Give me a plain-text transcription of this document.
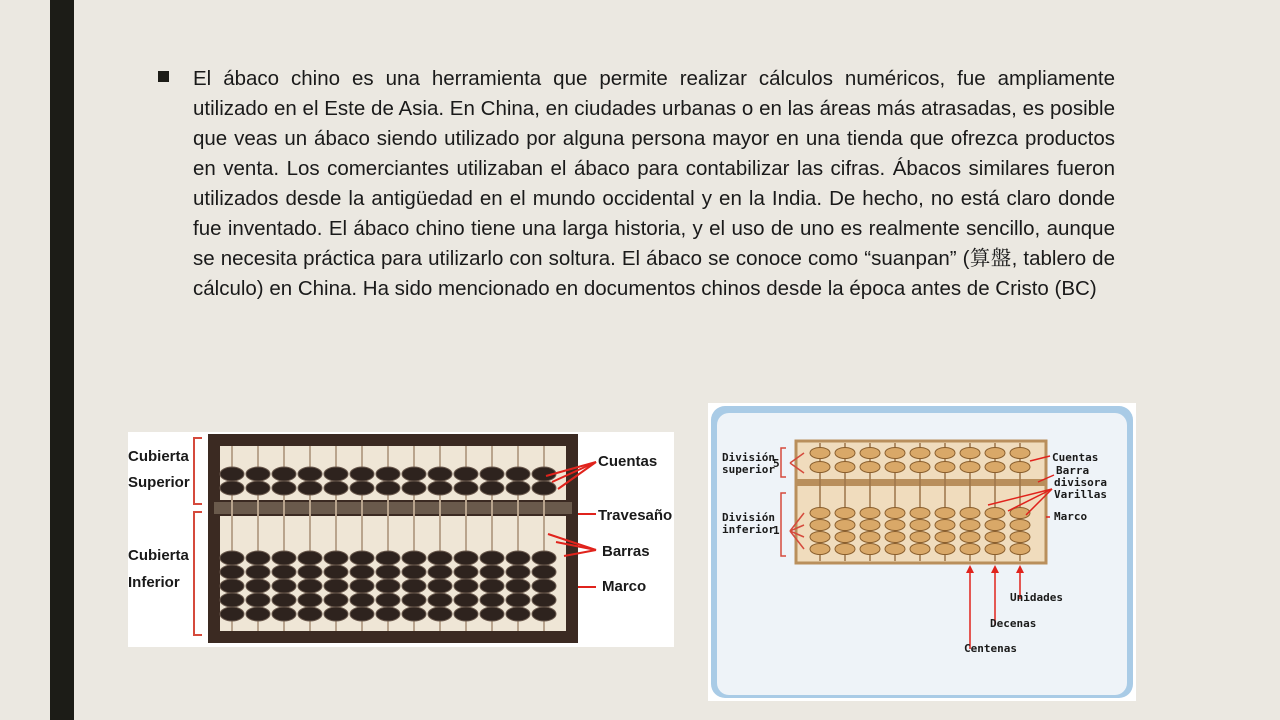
El ábaco chino es una herramienta que permite realizar cálculos numéricos, fue ampliamente utilizado en el Este de Asia. En China, en ciudades urbanas o en las áreas más atrasadas, es posible que veas un ábaco siendo utilizado por alguna persona mayor en una tienda que ofrezca productos en venta. Los comerciantes utilizaban el ábaco para contabilizar las cifras. Ábacos similares fueron utilizados desde la antigüedad en el mundo occidental y en la India. De hecho, no está claro donde fue inventado. El ábaco chino tiene una larga historia, y el uso de uno es realmente sencillo, aunque se necesita práctica para utilizarlo con soltura. El ábaco se conoce como “suanpan” (算盤, tablero de cálculo) en China. Ha sido mencionado en documentos chinos desde la época antes de Cristo (BC)

Cubierta
Superior
Cubierta
Inferior
Cuentas
Travesaño
Barras
Marco
División
superior
5
División
inferior
1
Cuentas
Barra
divisora
Varillas
Marco
Unidades
Decenas
Centenas
